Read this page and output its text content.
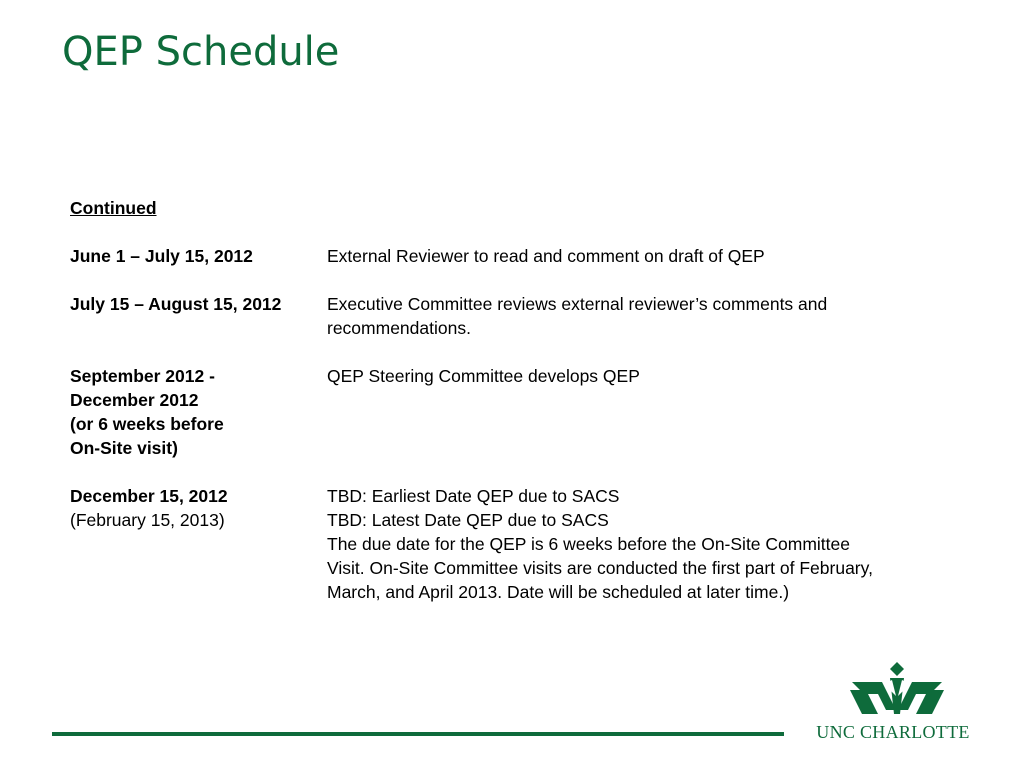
QEP Schedule
Continued
June 1 – July 15, 2012	External Reviewer to read and comment on draft of QEP
July 15 – August 15, 2012	Executive Committee reviews external reviewer’s comments and
recommendations.
September 2012 -
December 2012
(or 6 weeks before
On-Site visit)
QEP Steering Committee develops QEP
December 15, 2012
(February 15, 2013)
TBD: Earliest Date QEP due to SACS
TBD: Latest Date QEP due to SACS
The due date for the QEP is 6 weeks before the On-Site Committee
Visit. On-Site Committee visits are conducted the first part of February,
March, and April 2013. Date will be scheduled at later time.)
UNC CHARLOTTE
